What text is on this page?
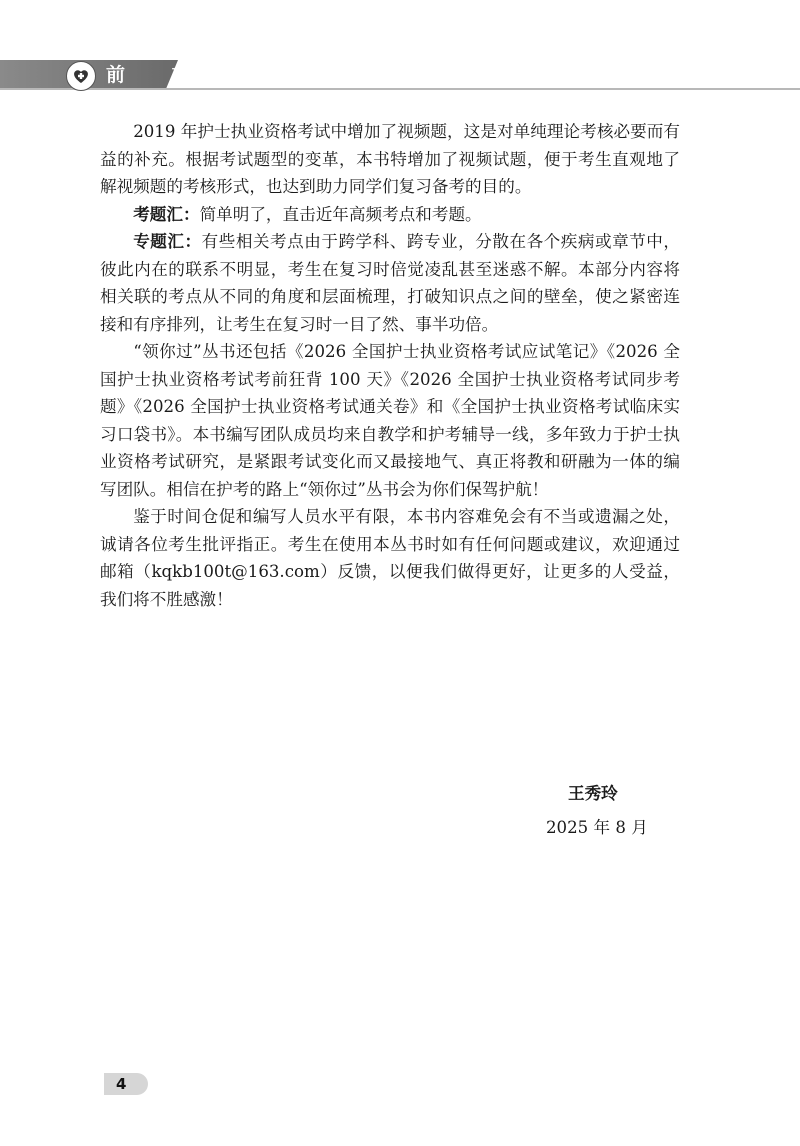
前 言

2019 年护士执业资格考试中增加了视频题，这是对单纯理论考核必要而有益的补充。根据考试题型的变革，本书特增加了视频试题，便于考生直观地了解视频题的考核形式，也达到助力同学们复习备考的目的。

考题汇：简单明了，直击近年高频考点和考题。

专题汇：有些相关考点由于跨学科、跨专业，分散在各个疾病或章节中，彼此内在的联系不明显，考生在复习时倍觉凌乱甚至迷惑不解。本部分内容将相关联的考点从不同的角度和层面梳理，打破知识点之间的壁垒，使之紧密连接和有序排列，让考生在复习时一目了然、事半功倍。

“领你过”丛书还包括《2026 全国护士执业资格考试应试笔记》《2026 全国护士执业资格考试考前狂背 100 天》《2026 全国护士执业资格考试同步考题》《2026 全国护士执业资格考试通关卷》和《全国护士执业资格考试临床实习口袋书》。本书编写团队成员均来自教学和护考辅导一线，多年致力于护士执业资格考试研究，是紧跟考试变化而又最接地气、真正将教和研融为一体的编写团队。相信在护考的路上“领你过”丛书会为你们保驾护航！

鉴于时间仓促和编写人员水平有限，本书内容难免会有不当或遗漏之处，诚请各位考生批评指正。考生在使用本丛书时如有任何问题或建议，欢迎通过邮箱（kqkb100t@163.com）反馈，以便我们做得更好，让更多的人受益，我们将不胜感激！

王秀玲
2025 年 8 月
4
